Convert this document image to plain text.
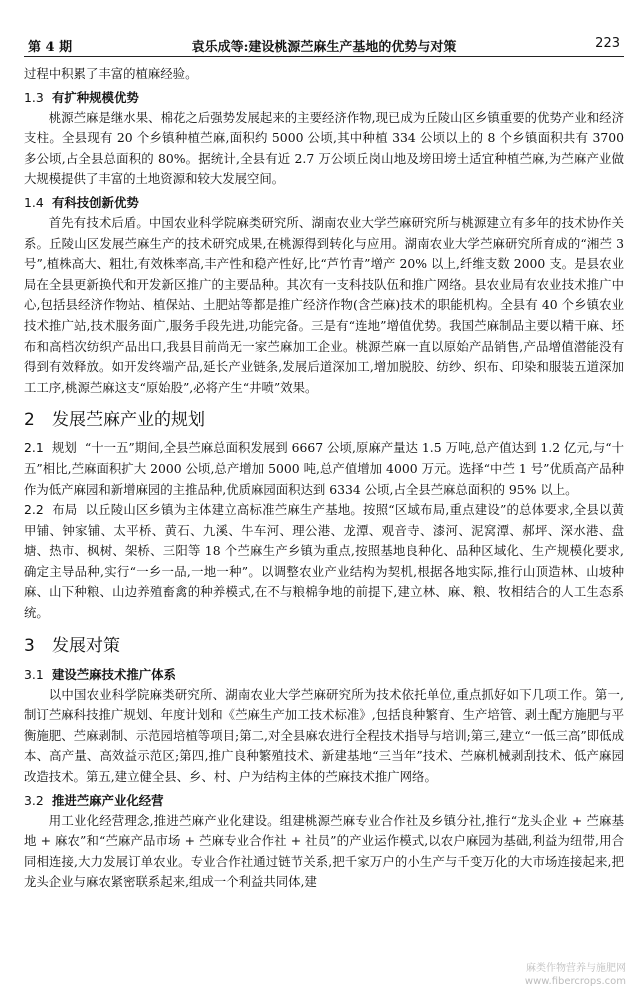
第 4 期	袁乐成等:建设桃源苎麻生产基地的优势与对策	223

过程中积累了丰富的植麻经验。

1.3 有扩种规模优势

桃源苎麻是继水果、棉花之后强势发展起来的主要经济作物,现已成为丘陵山区乡镇重要的优势产业和经济支柱。全县现有 20 个乡镇种植苎麻,面积约 5000 公顷,其中种植 334 公顷以上的 8 个乡镇面积共有 3700 多公顷,占全县总面积的 80%。据统计,全县有近 2.7 万公顷丘岗山地及塝田塝土适宜种植苎麻,为苎麻产业做大规模提供了丰富的土地资源和较大发展空间。

1.4 有科技创新优势

首先有技术后盾。中国农业科学院麻类研究所、湖南农业大学苎麻研究所与桃源建立有多年的技术协作关系。丘陵山区发展苎麻生产的技术研究成果,在桃源得到转化与应用。湖南农业大学苎麻研究所育成的“湘苎 3 号”,植株高大、粗壮,有效株率高,丰产性和稳产性好,比“芦竹青”增产 20% 以上,纤维支数 2000 支。是县农业局在全县更新换代和开发新区推广的主要品种。其次有一支科技队伍和推广网络。县农业局有农业技术推广中心,包括县经济作物站、植保站、土肥站等都是推广经济作物(含苎麻)技术的职能机构。全县有 40 个乡镇农业技术推广站,技术服务面广,服务手段先进,功能完备。三是有“连地”增值优势。我国苎麻制品主要以精干麻、坯布和高档次纺织产品出口,我县目前尚无一家苎麻加工企业。桃源苎麻一直以原始产品销售,产品增值潜能没有得到有效释放。如开发终端产品,延长产业链条,发展后道深加工,增加脱胶、纺纱、织布、印染和服装五道深加工工序,桃源苎麻这支“原始股”,必将产生“井喷”效果。

2 发展苎麻产业的规划

2.1 规划 “十一五”期间,全县苎麻总面积发展到 6667 公顷,原麻产量达 1.5 万吨,总产值达到 1.2 亿元,与“十五”相比,苎麻面积扩大 2000 公顷,总产增加 5000 吨,总产值增加 4000 万元。选择“中苎 1 号”优质高产品种作为低产麻园和新增麻园的主推品种,优质麻园面积达到 6334 公顷,占全县苎麻总面积的 95% 以上。

2.2 布局 以丘陵山区乡镇为主体建立高标准苎麻生产基地。按照“区域布局,重点建设”的总体要求,全县以黄甲铺、钟家铺、太平桥、黄石、九溪、牛车河、理公港、龙潭、观音寺、漆河、泥窝潭、郝坪、深水港、盘塘、热市、枫树、架桥、三阳等 18 个苎麻生产乡镇为重点,按照基地良种化、品种区域化、生产规模化要求,确定主导品种,实行“一乡一品,一地一种”。以调整农业产业结构为契机,根据各地实际,推行山顶造林、山坡种麻、山下种粮、山边养殖畜禽的种养模式,在不与粮棉争地的前提下,建立林、麻、粮、牧相结合的人工生态系统。

3 发展对策
3.1 建设苎麻技术推广体系

以中国农业科学院麻类研究所、湖南农业大学苎麻研究所为技术依托单位,重点抓好如下几项工作。第一,制订苎麻科技推广规划、年度计划和《苎麻生产加工技术标准》,包括良种繁育、生产培管、剥土配方施肥与平衡施肥、苎麻剥制、示范园培植等项目;第二,对全县麻农进行全程技术指导与培训;第三,建立“一低三高”即低成本、高产量、高效益示范区;第四,推广良种繁殖技术、新建基地“三当年”技术、苎麻机械剥刮技术、低产麻园改造技术。第五,建立健全县、乡、村、户为结构主体的苎麻技术推广网络。

3.2 推进苎麻产业化经营

用工业化经营理念,推进苎麻产业化建设。组建桃源苎麻专业合作社及乡镇分社,推行“龙头企业 + 苎麻基地 + 麻农”和“苎麻产品市场 + 苎麻专业合作社 + 社员”的产业运作模式,以农户麻园为基础,利益为纽带,用合同相连接,大力发展订单农业。专业合作社通过链节关系,把千家万户的小生产与千变万化的大市场连接起来,把龙头企业与麻农紧密联系起来,组成一个利益共同体,建

麻类作物营养与施肥网
www.fibercrops.com
